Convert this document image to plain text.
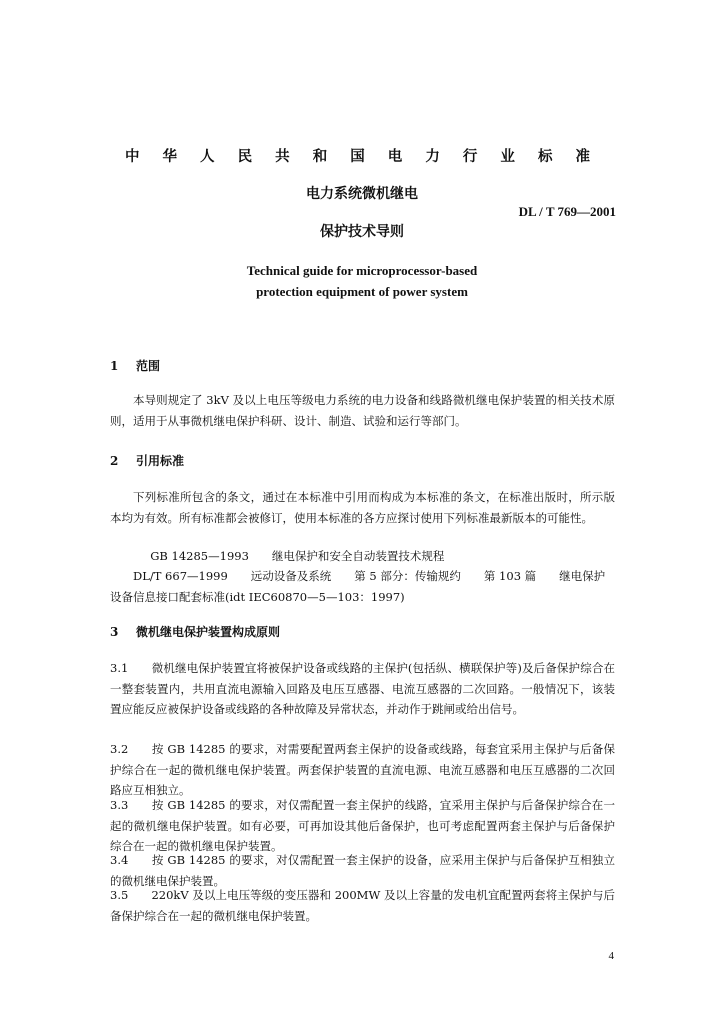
中 华 人 民 共 和 国 电 力 行 业 标 准
电力系统微机继电
DL / T 769—2001
保护技术导则
Technical guide for microprocessor-based
protection equipment of power system
1 范围
本导则规定了 3kV 及以上电压等级电力系统的电力设备和线路微机继电保护装置的相关技术原则，适用于从事微机继电保护科研、设计、制造、试验和运行等部门。
2 引用标准
下列标准所包含的条文，通过在本标准中引用而构成为本标准的条文，在标准出版时，所示版本均为有效。所有标准都会被修订，使用本标准的各方应探讨使用下列标准最新版本的可能性。
GB 14285—1993　　继电保护和安全自动装置技术规程
DL/T 667—1999　　远动设备及系统　　第 5 部分：传输规约　　第 103 篇　　继电保护设备信息接口配套标准(idt IEC60870—5—103：1997)
3 微机继电保护装置构成原则
3.1　　微机继电保护装置宜将被保护设备或线路的主保护(包括纵、横联保护等)及后备保护综合在一整套装置内，共用直流电源输入回路及电压互感器、电流互感器的二次回路。一般情况下，该装置应能反应被保护设备或线路的各种故障及异常状态，并动作于跳闸或给出信号。
3.2　　按 GB 14285 的要求，对需要配置两套主保护的设备或线路，每套宜采用主保护与后备保护综合在一起的微机继电保护装置。两套保护装置的直流电源、电流互感器和电压互感器的二次回路应互相独立。
3.3　　按 GB 14285 的要求，对仅需配置一套主保护的线路，宜采用主保护与后备保护综合在一起的微机继电保护装置。如有必要，可再加设其他后备保护，也可考虑配置两套主保护与后备保护综合在一起的微机继电保护装置。
3.4　　按 GB 14285 的要求，对仅需配置一套主保护的设备，应采用主保护与后备保护互相独立的微机继电保护装置。
3.5　　220kV 及以上电压等级的变压器和 200MW 及以上容量的发电机宜配置两套将主保护与后备保护综合在一起的微机继电保护装置。
4
